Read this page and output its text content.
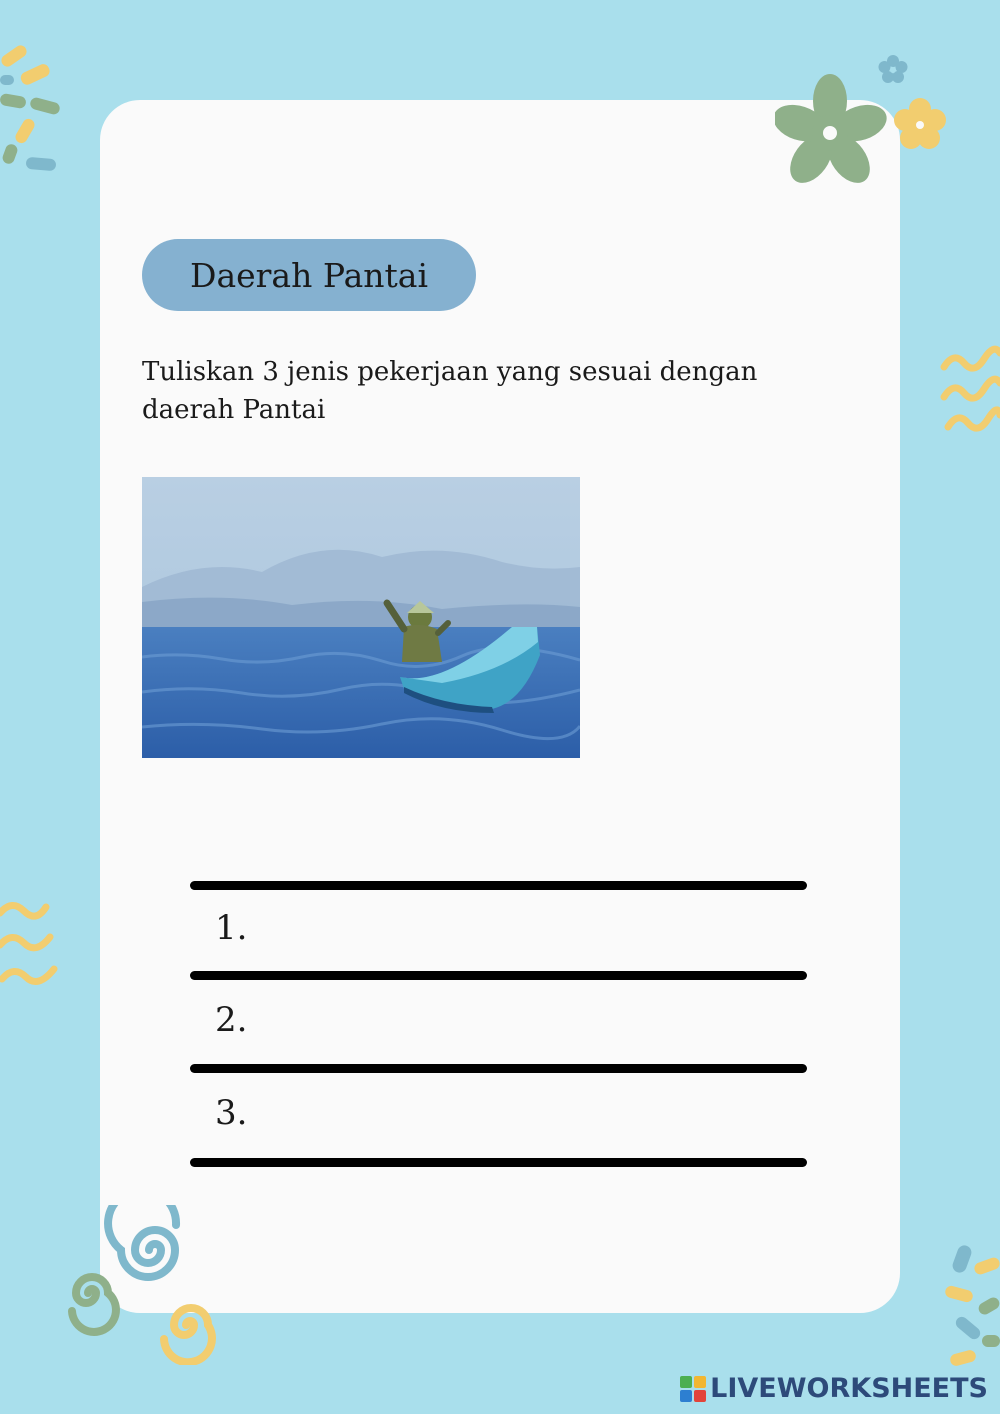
Daerah Pantai
Tuliskan 3 jenis pekerjaan yang sesuai dengan daerah Pantai
1.
2.
3.
LIVEWORKSHEETS
